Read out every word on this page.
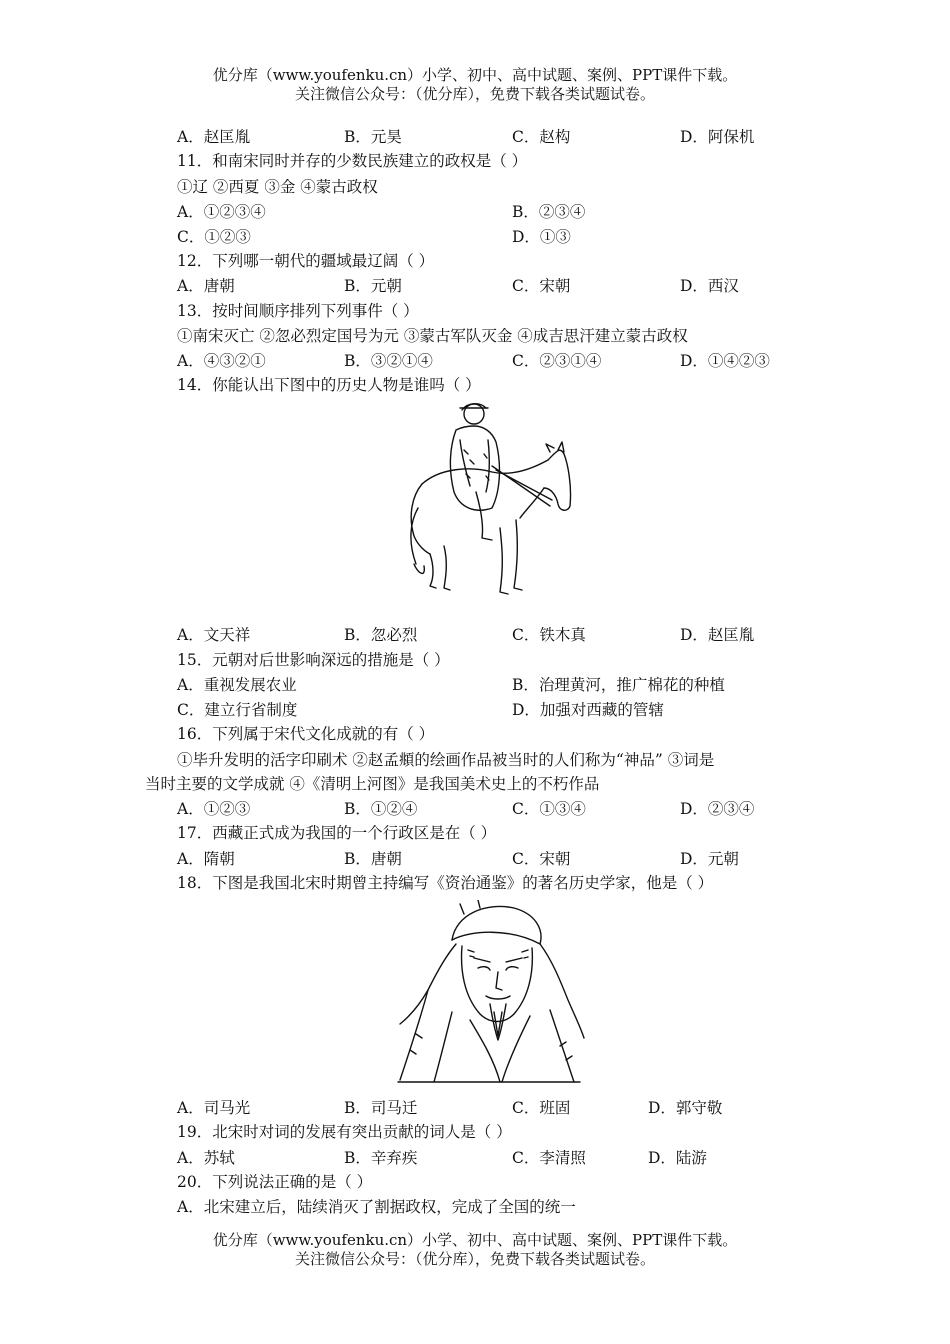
优分库（www.youfenku.cn）小学、初中、高中试题、案例、PPT课件下载。
关注微信公众号：（优分库），免费下载各类试题试卷。
A．赵匡胤	B．元昊	C．赵构	D．阿保机
11．和南宋同时并存的少数民族建立的政权是（ ）
①辽 ②西夏 ③金 ④蒙古政权
A．①②③④	B．②③④
C．①②③	D．①③
12．下列哪一朝代的疆域最辽阔（ ）
A．唐朝	B．元朝	C．宋朝	D．西汉
13．按时间顺序排列下列事件（ ）
①南宋灭亡 ②忽必烈定国号为元 ③蒙古军队灭金 ④成吉思汗建立蒙古政权
A．④③②①	B．③②①④	C．②③①④	D．①④②③
14．你能认出下图中的历史人物是谁吗（ ）
A．文天祥	B．忽必烈	C．铁木真	D．赵匡胤
15．元朝对后世影响深远的措施是（ ）
A．重视发展农业	B．治理黄河，推广棉花的种植
C．建立行省制度	D．加强对西藏的管辖
16．下列属于宋代文化成就的有（ ）
①毕升发明的活字印刷术 ②赵孟頫的绘画作品被当时的人们称为“神品” ③词是
当时主要的文学成就 ④《清明上河图》是我国美术史上的不朽作品
A．①②③	B．①②④	C．①③④	D．②③④
17．西藏正式成为我国的一个行政区是在（ ）
A．隋朝	B．唐朝	C．宋朝	D．元朝
18．下图是我国北宋时期曾主持编写《资治通鉴》的著名历史学家，他是（ ）
A．司马光	B．司马迁	C．班固	D．郭守敬
19．北宋时对词的发展有突出贡献的词人是（ ）
A．苏轼	B．辛弃疾	C．李清照	D．陆游
20．下列说法正确的是（ ）
A．北宋建立后，陆续消灭了割据政权，完成了全国的统一
优分库（www.youfenku.cn）小学、初中、高中试题、案例、PPT课件下载。
关注微信公众号：（优分库），免费下载各类试题试卷。
